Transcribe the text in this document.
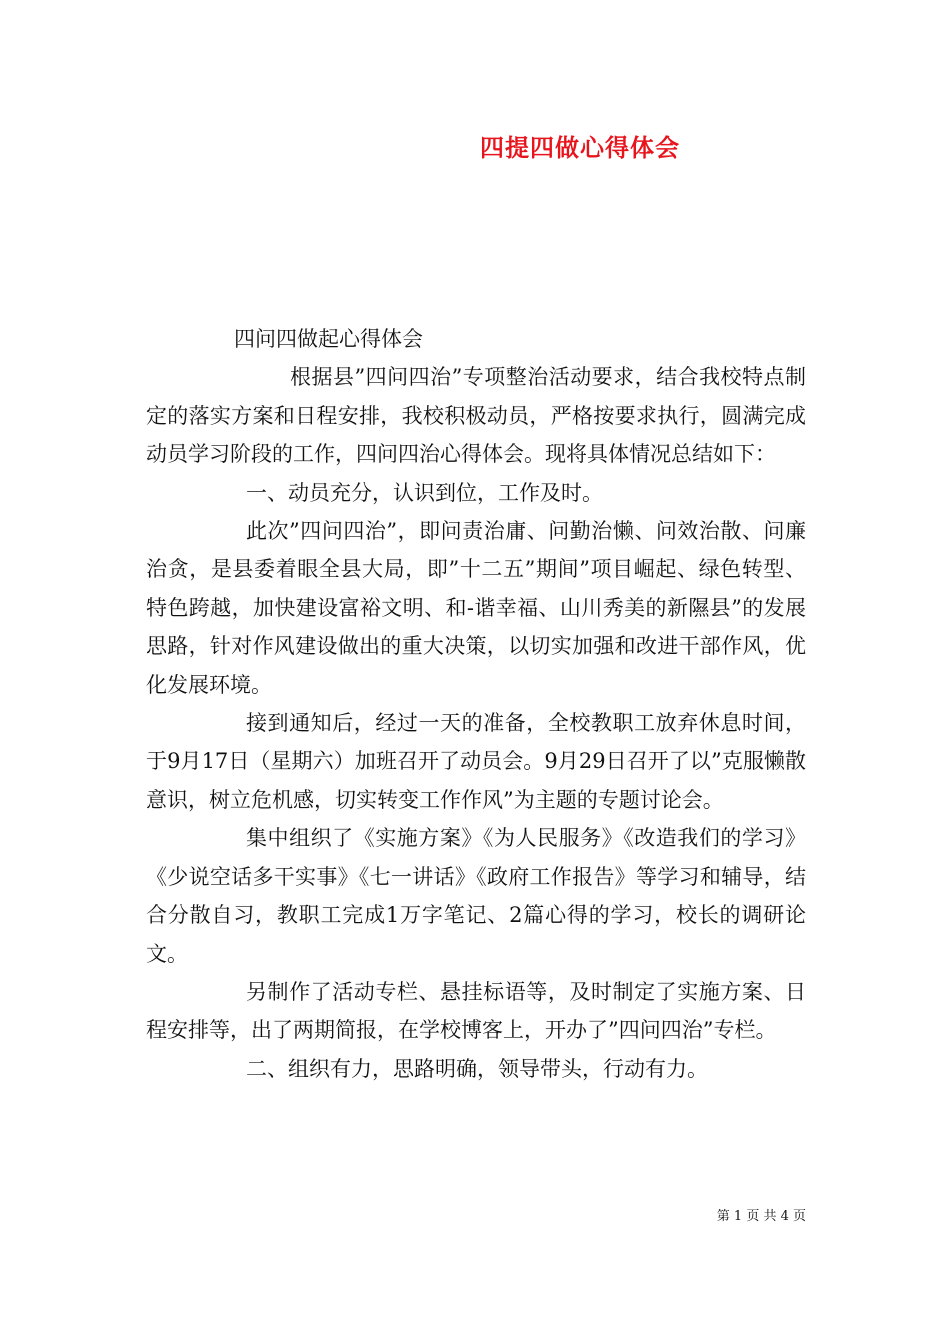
四提四做心得体会

四问四做起心得体会

根据县”四问四治”专项整治活动要求，结合我校特点制定的落实方案和日程安排，我校积极动员，严格按要求执行，圆满完成动员学习阶段的工作，四问四治心得体会。现将具体情况总结如下：

一、动员充分，认识到位，工作及时。

此次”四问四治”，即问责治庸、问勤治懒、问效治散、问廉治贪，是县委着眼全县大局，即”十二五”期间”项目崛起、绿色转型、特色跨越，加快建设富裕文明、和-谐幸福、山川秀美的新隰县”的发展思路，针对作风建设做出的重大决策，以切实加强和改进干部作风，优化发展环境。

接到通知后，经过一天的准备，全校教职工放弃休息时间，于9月17日（星期六）加班召开了动员会。9月29日召开了以”克服懒散意识，树立危机感，切实转变工作作风”为主题的专题讨论会。

集中组织了《实施方案》《为人民服务》《改造我们的学习》《少说空话多干实事》《七一讲话》《政府工作报告》等学习和辅导，结合分散自习，教职工完成1万字笔记、2篇心得的学习，校长的调研论文。

另制作了活动专栏、悬挂标语等，及时制定了实施方案、日程安排等，出了两期简报，在学校博客上，开办了”四问四治”专栏。

二、组织有力，思路明确，领导带头，行动有力。

第 1 页 共 4 页
